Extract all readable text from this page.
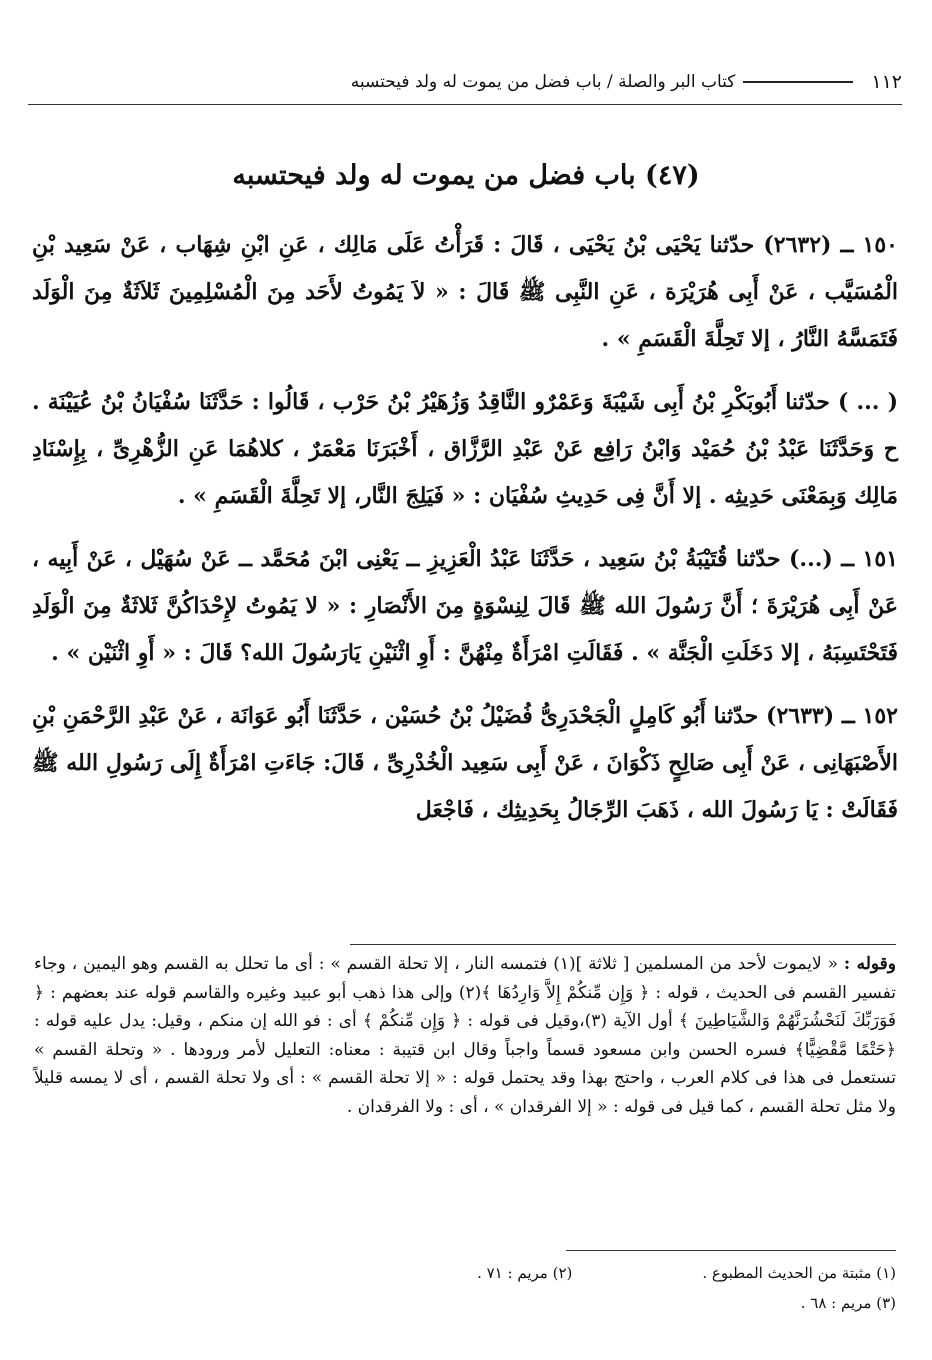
١١٢
كتاب البر والصلة / باب فضل من يموت له ولد فيحتسبه
(٤٧) باب فضل من يموت له ولد فيحتسبه

١٥٠ ــ (٢٦٣٢) حدّثنا يَحْيَى بْنُ يَحْيَى ، قَالَ : قَرَأْتُ عَلَى مَالِك ، عَنِ ابْنِ شِهَاب ، عَنْ سَعِيد بْنِ الْمُسَيَّب ، عَنْ أَبِى هُرَيْرَة ، عَنِ النَّبِى ﷺ قَالَ : « لاَ يَمُوتُ لأَحَد مِنَ الْمُسْلِمِينَ ثَلاَثَةٌ مِنَ الْوَلَد فَتَمَسَّهُ النَّارُ ، إلا تَحِلَّةَ الْقَسَمِ » .

( ... ) حدّثنا أَبُوبَكْرِ بْنُ أَبِى شَيْبَةَ وَعَمْرٌو النَّاقِدُ وَزُهَيْرُ بْنُ حَرْب ، قَالُوا : حَدَّثَنَا سُفْيَانُ بْنُ عُيَيْنَة . ح وَحَدَّثَنَا عَبْدُ بْنُ حُمَيْد وَابْنُ رَافِع عَنْ عَبْدِ الرَّزَّاق ، أَخْبَرَنَا مَعْمَرٌ ، كلاهُمَا عَنِ الزُّهْرِىِّ ، بِإِسْنَادِ مَالِك وَبِمَعْنَى حَدِيثِه . إلا أَنَّ فِى حَدِيثِ سُفْيَان : « فَيَلِجَ النَّار، إلا تَحِلَّةَ الْقَسَمِ » .

١٥١ ــ (...) حدّثنا قُتَيْبَةُ بْنُ سَعِيد ، حَدَّثَنَا عَبْدُ الْعَزِيزِ ــ يَعْنِى ابْنَ مُحَمَّد ــ عَنْ سُهَيْل ، عَنْ أَبِيه ، عَنْ أَبِى هُرَيْرَةَ ؛ أَنَّ رَسُولَ الله ﷺ قَالَ لِنِسْوَةٍ مِنَ الأَنْصَارِ : « لا يَمُوتُ لإِحْدَاكُنَّ ثَلاثَةٌ مِنَ الْوَلَدِ فَتَحْتَسِبَهُ ، إلا دَخَلَتِ الْجَنَّة » . فَقَالَتِ امْرَأَةٌ مِنْهُنَّ : أَوِ اثْنَيْنِ يَارَسُولَ الله؟ قَالَ : « أَوِ اثْنَيْن » .

١٥٢ ــ (٢٦٣٣) حدّثنا أَبُو كَامِلٍ الْجَحْدَرِىُّ فُضَيْلُ بْنُ حُسَيْن ، حَدَّثَنَا أَبُو عَوَانَة ، عَنْ عَبْدِ الرَّحْمَنِ بْنِ الأَصْبَهَانِى ، عَنْ أَبِى صَالِحٍ ذَكْوَانَ ، عَنْ أَبِى سَعِيد الْخُدْرِىِّ ، قَالَ: جَاءَتِ امْرَأَةٌ إِلَى رَسُولِ الله ﷺ فَقَالَتْ : يَا رَسُولَ الله ، ذَهَبَ الرِّجَالُ بِحَدِيثِك ، فَاجْعَل

وقوله : « لايموت لأحد من المسلمين [ ثلاثة ](١) فتمسه النار ، إلا تحلة القسم » : أى ما تحلل به القسم وهو اليمين ، وجاء تفسير القسم فى الحديث ، قوله : ﴿ وَإِن مِّنكُمْ إِلاَّ وَارِدُهَا ﴾(٢) وإلى هذا ذهب أبو عبيد وغيره والقاسم قوله عند بعضهم : ﴿ فَوَرَبِّكَ لَنَحْشُرَنَّهُمْ وَالشَّيَاطِينَ ﴾ أول الآية (٣)،وقيل فى قوله : ﴿ وَإِن مِّنكُمْ ﴾ أى : فو الله إن منكم ، وقيل: يدل عليه قوله : ﴿حَتْمًا مَّقْضِيًّا﴾ فسره الحسن وابن مسعود قسماً واجباً وقال ابن قتيبة : معناه: التعليل لأمر ورودها . « وتحلة القسم » تستعمل فى هذا فى كلام العرب ، واحتج بهذا وقد يحتمل قوله : « إلا تحلة القسم » : أى ولا تحلة القسم ، أى لا يمسه قليلاً ولا مثل تحلة القسم ، كما قيل فى قوله : « إلا الفرقدان » ، أى : ولا الفرقدان .

(١) مثبتة من الحديث المطبوع .
(٢) مريم : ٧١ .
(٣) مريم : ٦٨ .
